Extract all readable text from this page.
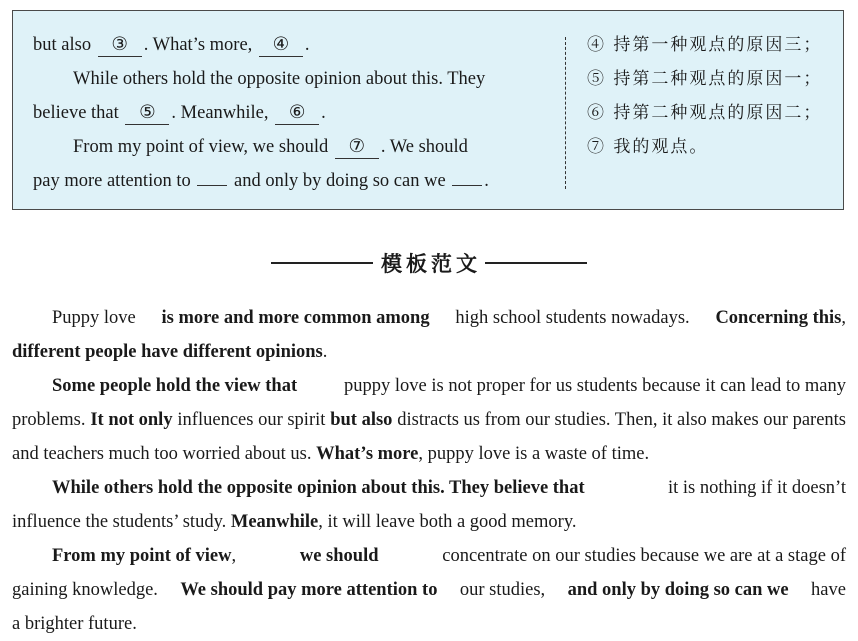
but also ③ . What’s more, ④ .
While others hold the opposite opinion about this. They
believe that ⑤ . Meanwhile, ⑥ .
From my point of view, we should ⑦ . We should
pay more attention to and only by doing so can we .
④ 持第一种观点的原因三；
⑤ 持第二种观点的原因一；
⑥ 持第二种观点的原因二；
⑦ 我的观点。
模板范文
Puppy love is more and more common among high school students nowadays. Concerning this,
different people have different opinions.
Some people hold the view that	puppy love is not proper for us students because it can lead to many
problems. It not only influences our spirit but also distracts us from our studies. Then, it also makes our parents
and teachers much too worried about us. What’s more, puppy love is a waste of time.
While others hold the opposite opinion about this. They believe that	it is nothing if it doesn’t
influence the students’ study. Meanwhile, it will leave both a good memory.
From my point of view,	we should	concentrate on our studies because we are at a stage of
gaining knowledge. We should pay more attention to our studies, and only by doing so can we have
a brighter future.
